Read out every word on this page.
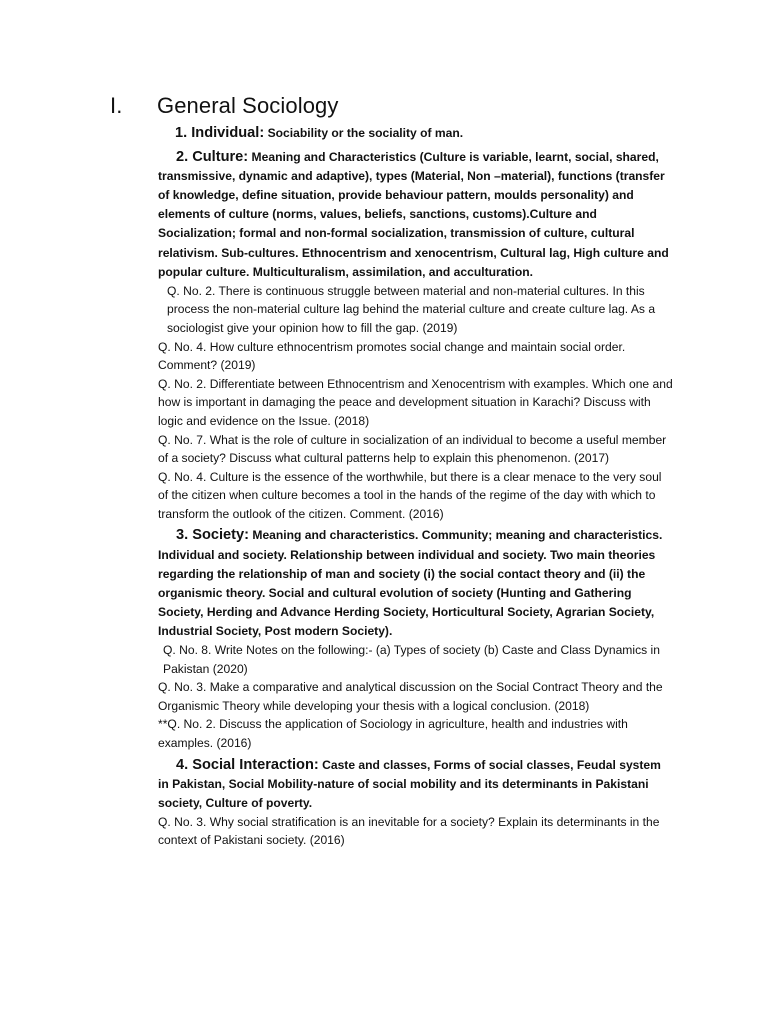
I. General Sociology

1. Individual: Sociability or the sociality of man.

2. Culture: Meaning and Characteristics (Culture is variable, learnt, social, shared, transmissive, dynamic and adaptive), types (Material, Non –material), functions (transfer of knowledge, define situation, provide behaviour pattern, moulds personality) and elements of culture (norms, values, beliefs, sanctions, customs).Culture and Socialization; formal and non-formal socialization, transmission of culture, cultural relativism. Sub-cultures. Ethnocentrism and xenocentrism, Cultural lag, High culture and popular culture. Multiculturalism, assimilation, and acculturation.

Q. No. 2. There is continuous struggle between material and non-material cultures. In this process the non-material culture lag behind the material culture and create culture lag. As a sociologist give your opinion how to fill the gap. (2019)

Q. No. 4. How culture ethnocentrism promotes social change and maintain social order. Comment? (2019)

Q. No. 2. Differentiate between Ethnocentrism and Xenocentrism with examples. Which one and how is important in damaging the peace and development situation in Karachi? Discuss with logic and evidence on the Issue. (2018)

Q. No. 7. What is the role of culture in socialization of an individual to become a useful member of a society? Discuss what cultural patterns help to explain this phenomenon. (2017)

Q. No. 4. Culture is the essence of the worthwhile, but there is a clear menace to the very soul of the citizen when culture becomes a tool in the hands of the regime of the day with which to transform the outlook of the citizen. Comment. (2016)

3. Society: Meaning and characteristics. Community; meaning and characteristics. Individual and society. Relationship between individual and society. Two main theories regarding the relationship of man and society (i) the social contact theory and (ii) the organismic theory. Social and cultural evolution of society (Hunting and Gathering Society, Herding and Advance Herding Society, Horticultural Society, Agrarian Society, Industrial Society, Post modern Society).

Q. No. 8. Write Notes on the following:- (a) Types of society (b) Caste and Class Dynamics in Pakistan (2020)

Q. No. 3. Make a comparative and analytical discussion on the Social Contract Theory and the Organismic Theory while developing your thesis with a logical conclusion. (2018)

**Q. No. 2. Discuss the application of Sociology in agriculture, health and industries with examples. (2016)

4. Social Interaction: Caste and classes, Forms of social classes, Feudal system in Pakistan, Social Mobility-nature of social mobility and its determinants in Pakistani society, Culture of poverty.

Q. No. 3. Why social stratification is an inevitable for a society? Explain its determinants in the context of Pakistani society. (2016)
